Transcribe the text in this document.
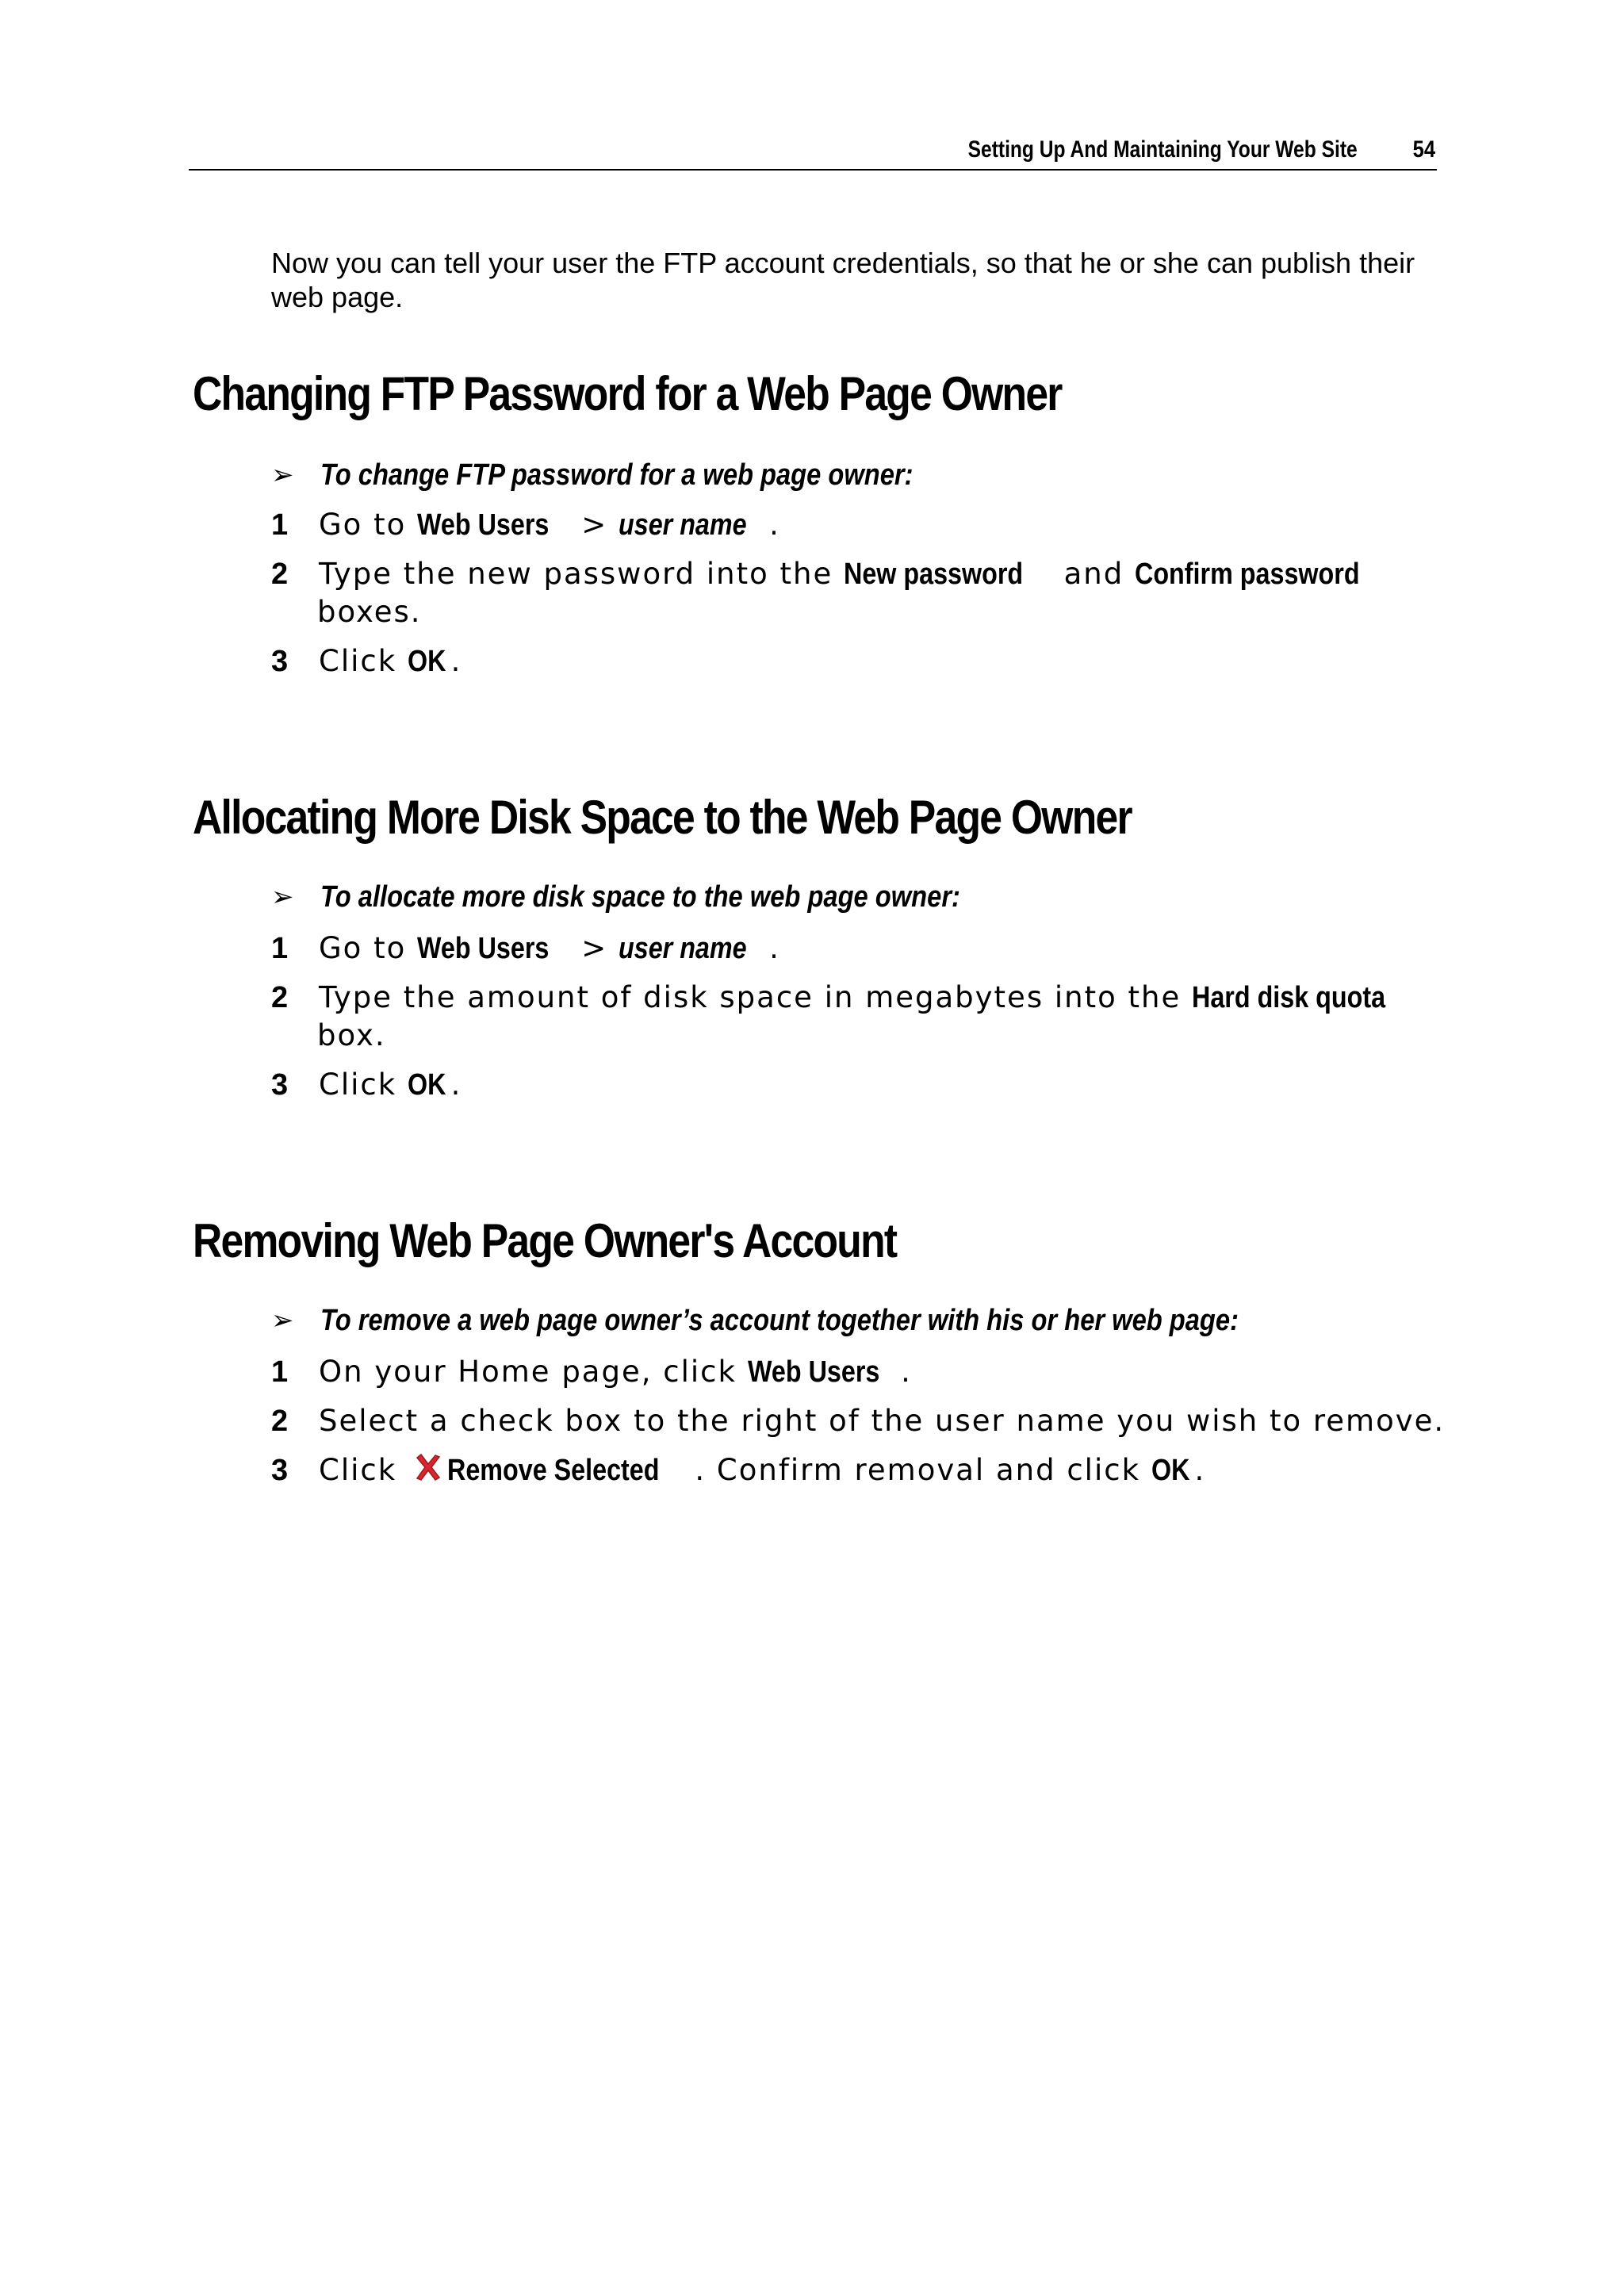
Setting Up And Maintaining Your Web Site	54
Now you can tell your user the FTP account credentials, so that he or she can publish their web page.
Changing FTP Password for a Web Page Owner
➢ To change FTP password for a web page owner:
1 Go to Web Users > user name .
2 Type the new password into the New password and Confirm password
boxes.
3 Click OK .
Allocating More Disk Space to the Web Page Owner
➢ To allocate more disk space to the web page owner:
1 Go to Web Users > user name .
2 Type the amount of disk space in megabytes into the Hard disk quota
box.
3 Click OK .
Removing Web Page Owner's Account
➢ To remove a web page owner’s account together with his or her web page:
1 On your Home page, click Web Users .
2 Select a check box to the right of the user name you wish to remove.
3 Click Remove Selected . Confirm removal and click OK .
